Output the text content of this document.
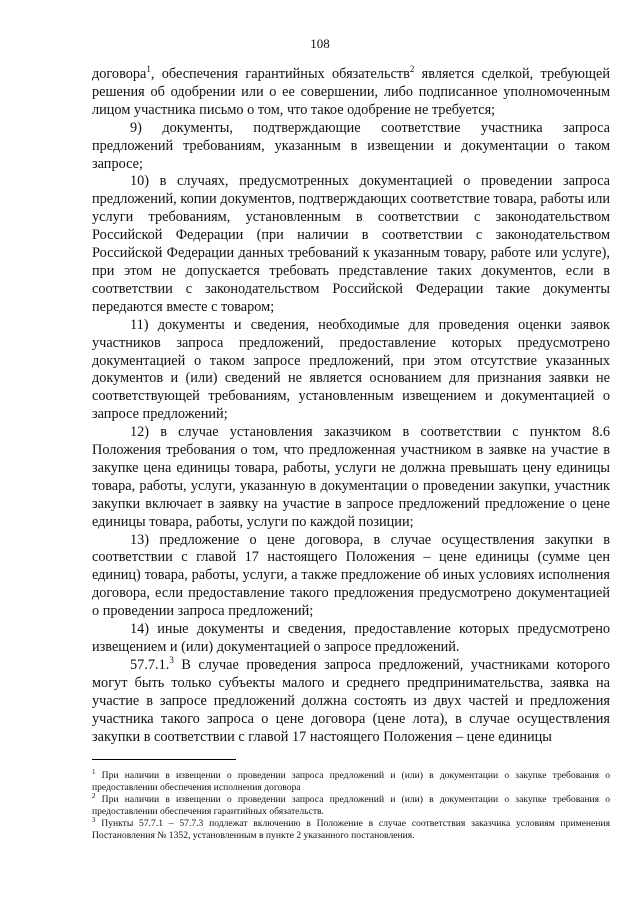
108

договора$^1$, обеспечения гарантийных обязательств$^2$ является сделкой, требующей решения об одобрении или о ее совершении, либо подписанное уполномоченным лицом участника письмо о том, что такое одобрение не требуется;

9) документы, подтверждающие соответствие участника запроса предложений требованиям, указанным в извещении и документации о таком запросе;

10) в случаях, предусмотренных документацией о проведении запроса предложений, копии документов, подтверждающих соответствие товара, работы или услуги требованиям, установленным в соответствии с законодательством Российской Федерации (при наличии в соответствии с законодательством Российской Федерации данных требований к указанным товару, работе или услуге), при этом не допускается требовать представление таких документов, если в соответствии с законодательством Российской Федерации такие документы передаются вместе с товаром;

11) документы и сведения, необходимые для проведения оценки заявок участников запроса предложений, предоставление которых предусмотрено документацией о таком запросе предложений, при этом отсутствие указанных документов и (или) сведений не является основанием для признания заявки не соответствующей требованиям, установленным извещением и документацией о запросе предложений;

12) в случае установления заказчиком в соответствии с пунктом 8.6 Положения требования о том, что предложенная участником в заявке на участие в закупке цена единицы товара, работы, услуги не должна превышать цену единицы товара, работы, услуги, указанную в документации о проведении закупки, участник закупки включает в заявку на участие в запросе предложений предложение о цене единицы товара, работы, услуги по каждой позиции;

13) предложение о цене договора, в случае осуществления закупки в соответствии с главой 17 настоящего Положения – цене единицы (сумме цен единиц) товара, работы, услуги, а также предложение об иных условиях исполнения договора, если предоставление такого предложения предусмотрено документацией о проведении запроса предложений;

14) иные документы и сведения, предоставление которых предусмотрено извещением и (или) документацией о запросе предложений.

57.7.1.$^3$ В случае проведения запроса предложений, участниками которого могут быть только субъекты малого и среднего предпринимательства, заявка на участие в запросе предложений должна состоять из двух частей и предложения участника такого запроса о цене договора (цене лота), в случае осуществления закупки в соответствии с главой 17 настоящего Положения – цене единицы

$^1$ При наличии в извещении о проведении запроса предложений и (или) в документации о закупке требования о предоставлении обеспечения исполнения договора

$^2$ При наличии в извещении о проведении запроса предложений и (или) в документации о закупке требования о предоставлении обеспечения гарантийных обязательств.

$^3$ Пункты 57.7.1 – 57.7.3 подлежат включению в Положение в случае соответствия заказчика условиям применения Постановления № 1352, установленным в пункте 2 указанного постановления.
